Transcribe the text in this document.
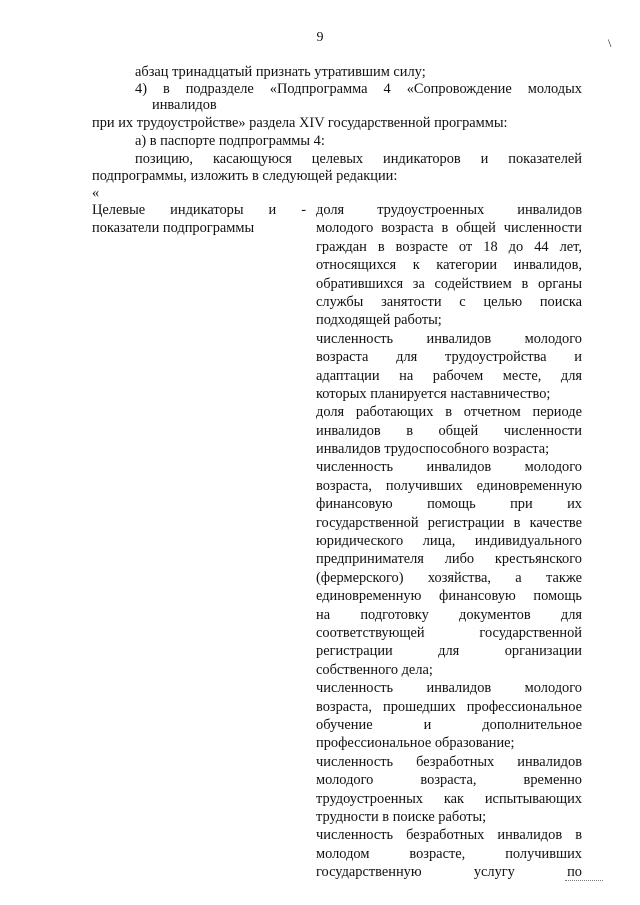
9	\
абзац тринадцатый признать утратившим силу;
4) в подразделе «Подпрограмма 4 «Сопровождение молодых
инвалидов
при их трудоустройстве» раздела XIV государственной программы:
а) в паспорте подпрограммы 4:
позицию, касающуюся целевых индикаторов и показателей
подпрограммы, изложить в следующей редакции:
«
Целевые индикаторы и -
показатели подпрограммы
доля трудоустроенных инвалидов
молодого возраста в общей численности
граждан в возрасте от 18 до 44 лет,
относящихся к категории инвалидов,
обратившихся за содействием в органы
службы занятости с целью поиска
подходящей работы;
численность инвалидов молодого
возраста для трудоустройства и
адаптации на рабочем месте, для
которых планируется наставничество;
доля работающих в отчетном периоде
инвалидов в общей численности
инвалидов трудоспособного возраста;
численность инвалидов молодого
возраста, получивших единовременную
финансовую помощь при их
государственной регистрации в качестве
юридического лица, индивидуального
предпринимателя либо крестьянского
(фермерского) хозяйства, а также
единовременную финансовую помощь
на подготовку документов для
соответствующей государственной
регистрации для организации
собственного дела;
численность инвалидов молодого
возраста, прошедших профессиональное
обучение и дополнительное
профессиональное образование;
численность безработных инвалидов
молодого возраста, временно
трудоустроенных как испытывающих
трудности в поиске работы;
численность безработных инвалидов в
молодом возрасте, получивших
государственную услугу по
